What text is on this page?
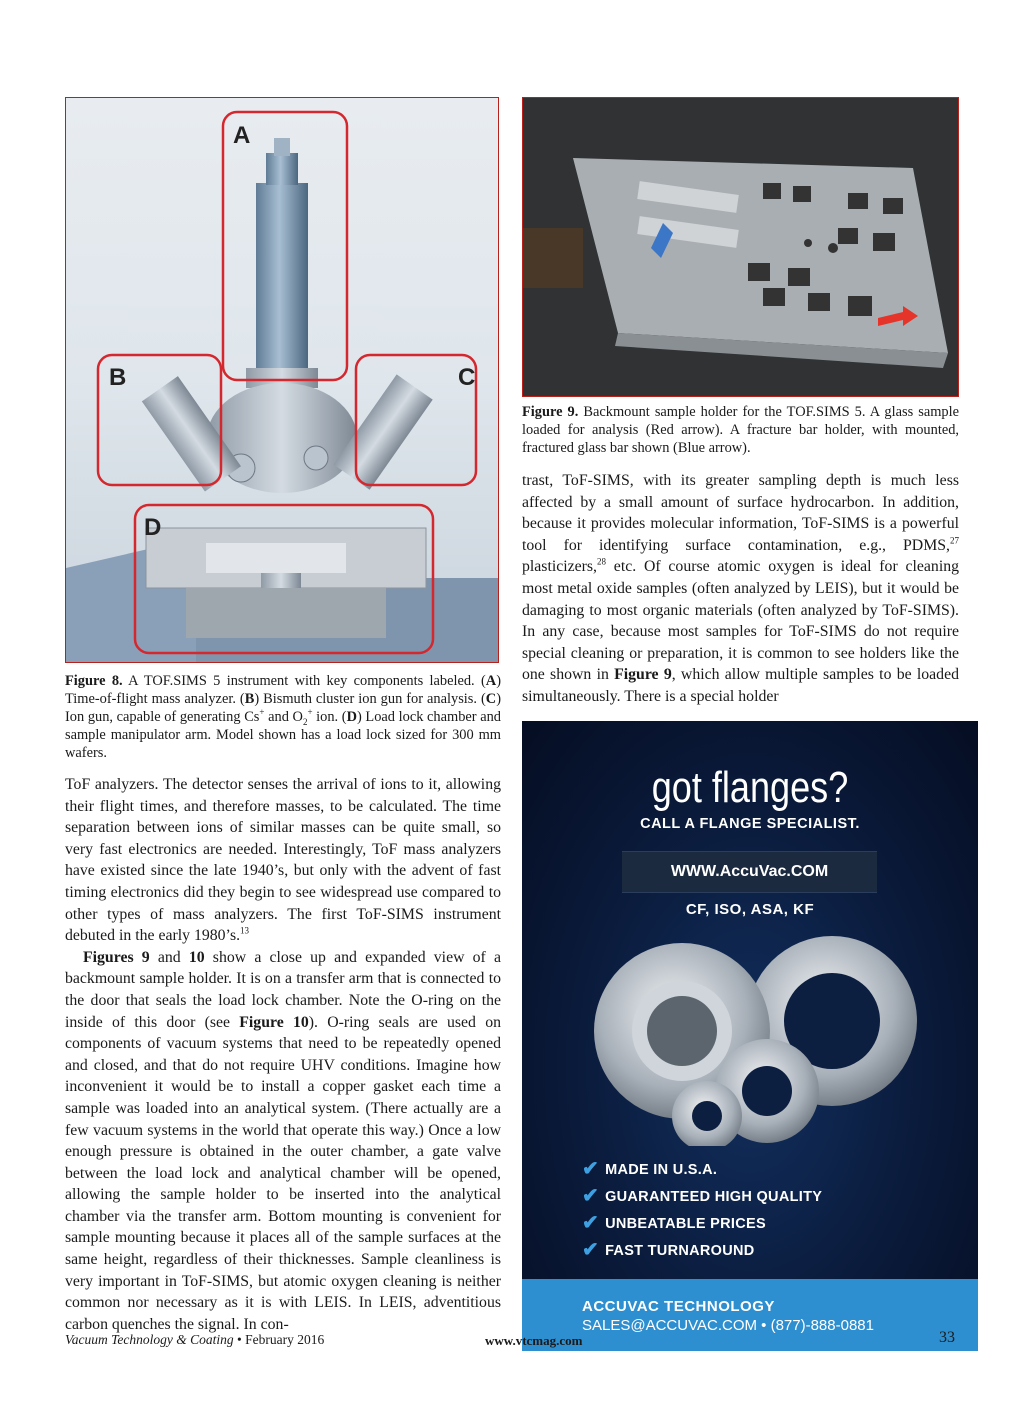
A
B	C
D
Figure 9. Backmount sample holder for the TOF.SIMS 5. A glass sample loaded for analysis (Red arrow). A fracture bar holder, with mounted, fractured glass bar shown (Blue arrow).
Figure 8. A TOF.SIMS 5 instrument with key components labeled. (A) Time-of-flight mass analyzer. (B) Bismuth cluster ion gun for analysis. (C) Ion gun, capable of generating Cs+ and $O_2^+$ ion. (D) Load lock chamber and sample manipulator arm. Model shown has a load lock sized for 300 mm wafers.

trast, ToF-SIMS, with its greater sampling depth is much less affected by a small amount of surface hydrocarbon. In addition, because it provides molecular information, ToF-SIMS is a powerful tool for identifying surface contamination, e.g., PDMS,$^{27}$ plasticizers,$^{28}$ etc. Of course atomic oxygen is ideal for cleaning most metal oxide samples (often analyzed by LEIS), but it would be damaging to most organic materials (often analyzed by ToF-SIMS). In any case, because most samples for ToF-SIMS do not require special cleaning or preparation, it is common to see holders like the one shown in Figure 9, which allow multiple samples to be loaded simultaneously. There is a special holder

ToF analyzers. The detector senses the arrival of ions to it, allowing their flight times, and therefore masses, to be calculated. The time separation between ions of similar masses can be quite small, so very fast electronics are needed. Interestingly, ToF mass analyzers have existed since the late 1940’s, but only with the advent of fast timing electronics did they begin to see widespread use compared to other types of mass analyzers. The first ToF-SIMS instrument debuted in the early 1980’s.$^{13}$

Figures 9 and 10 show a close up and expanded view of a backmount sample holder. It is on a transfer arm that is connected to the door that seals the load lock chamber. Note the O-ring on the inside of this door (see Figure 10). O-ring seals are used on components of vacuum systems that need to be repeatedly opened and closed, and that do not require UHV conditions. Imagine how inconvenient it would be to install a copper gasket each time a sample was loaded into an analytical system. (There actually are a few vacuum systems in the world that operate this way.) Once a low enough pressure is obtained in the outer chamber, a gate valve between the load lock and analytical chamber will be opened, allowing the sample holder to be inserted into the analytical chamber via the transfer arm. Bottom mounting is convenient for sample mounting because it places all of the sample surfaces at the same height, regardless of their thicknesses. Sample cleanliness is very important in ToF-SIMS, but atomic oxygen cleaning is neither common nor necessary as it is with LEIS. In LEIS, adventitious carbon quenches the signal. In con-

got flanges?
CALL A FLANGE SPECIALIST.
WWW.AccuVac.COM
CF, ISO, ASA, KF
✔ MADE IN U.S.A.
✔ GUARANTEED HIGH QUALITY
✔ UNBEATABLE PRICES
✔ FAST TURNAROUND
ACCUVAC TECHNOLOGY
SALES@ACCUVAC.COM • (877)-888-0881
Vacuum Technology & Coating • February 2016	www.vtcmag.com	33
